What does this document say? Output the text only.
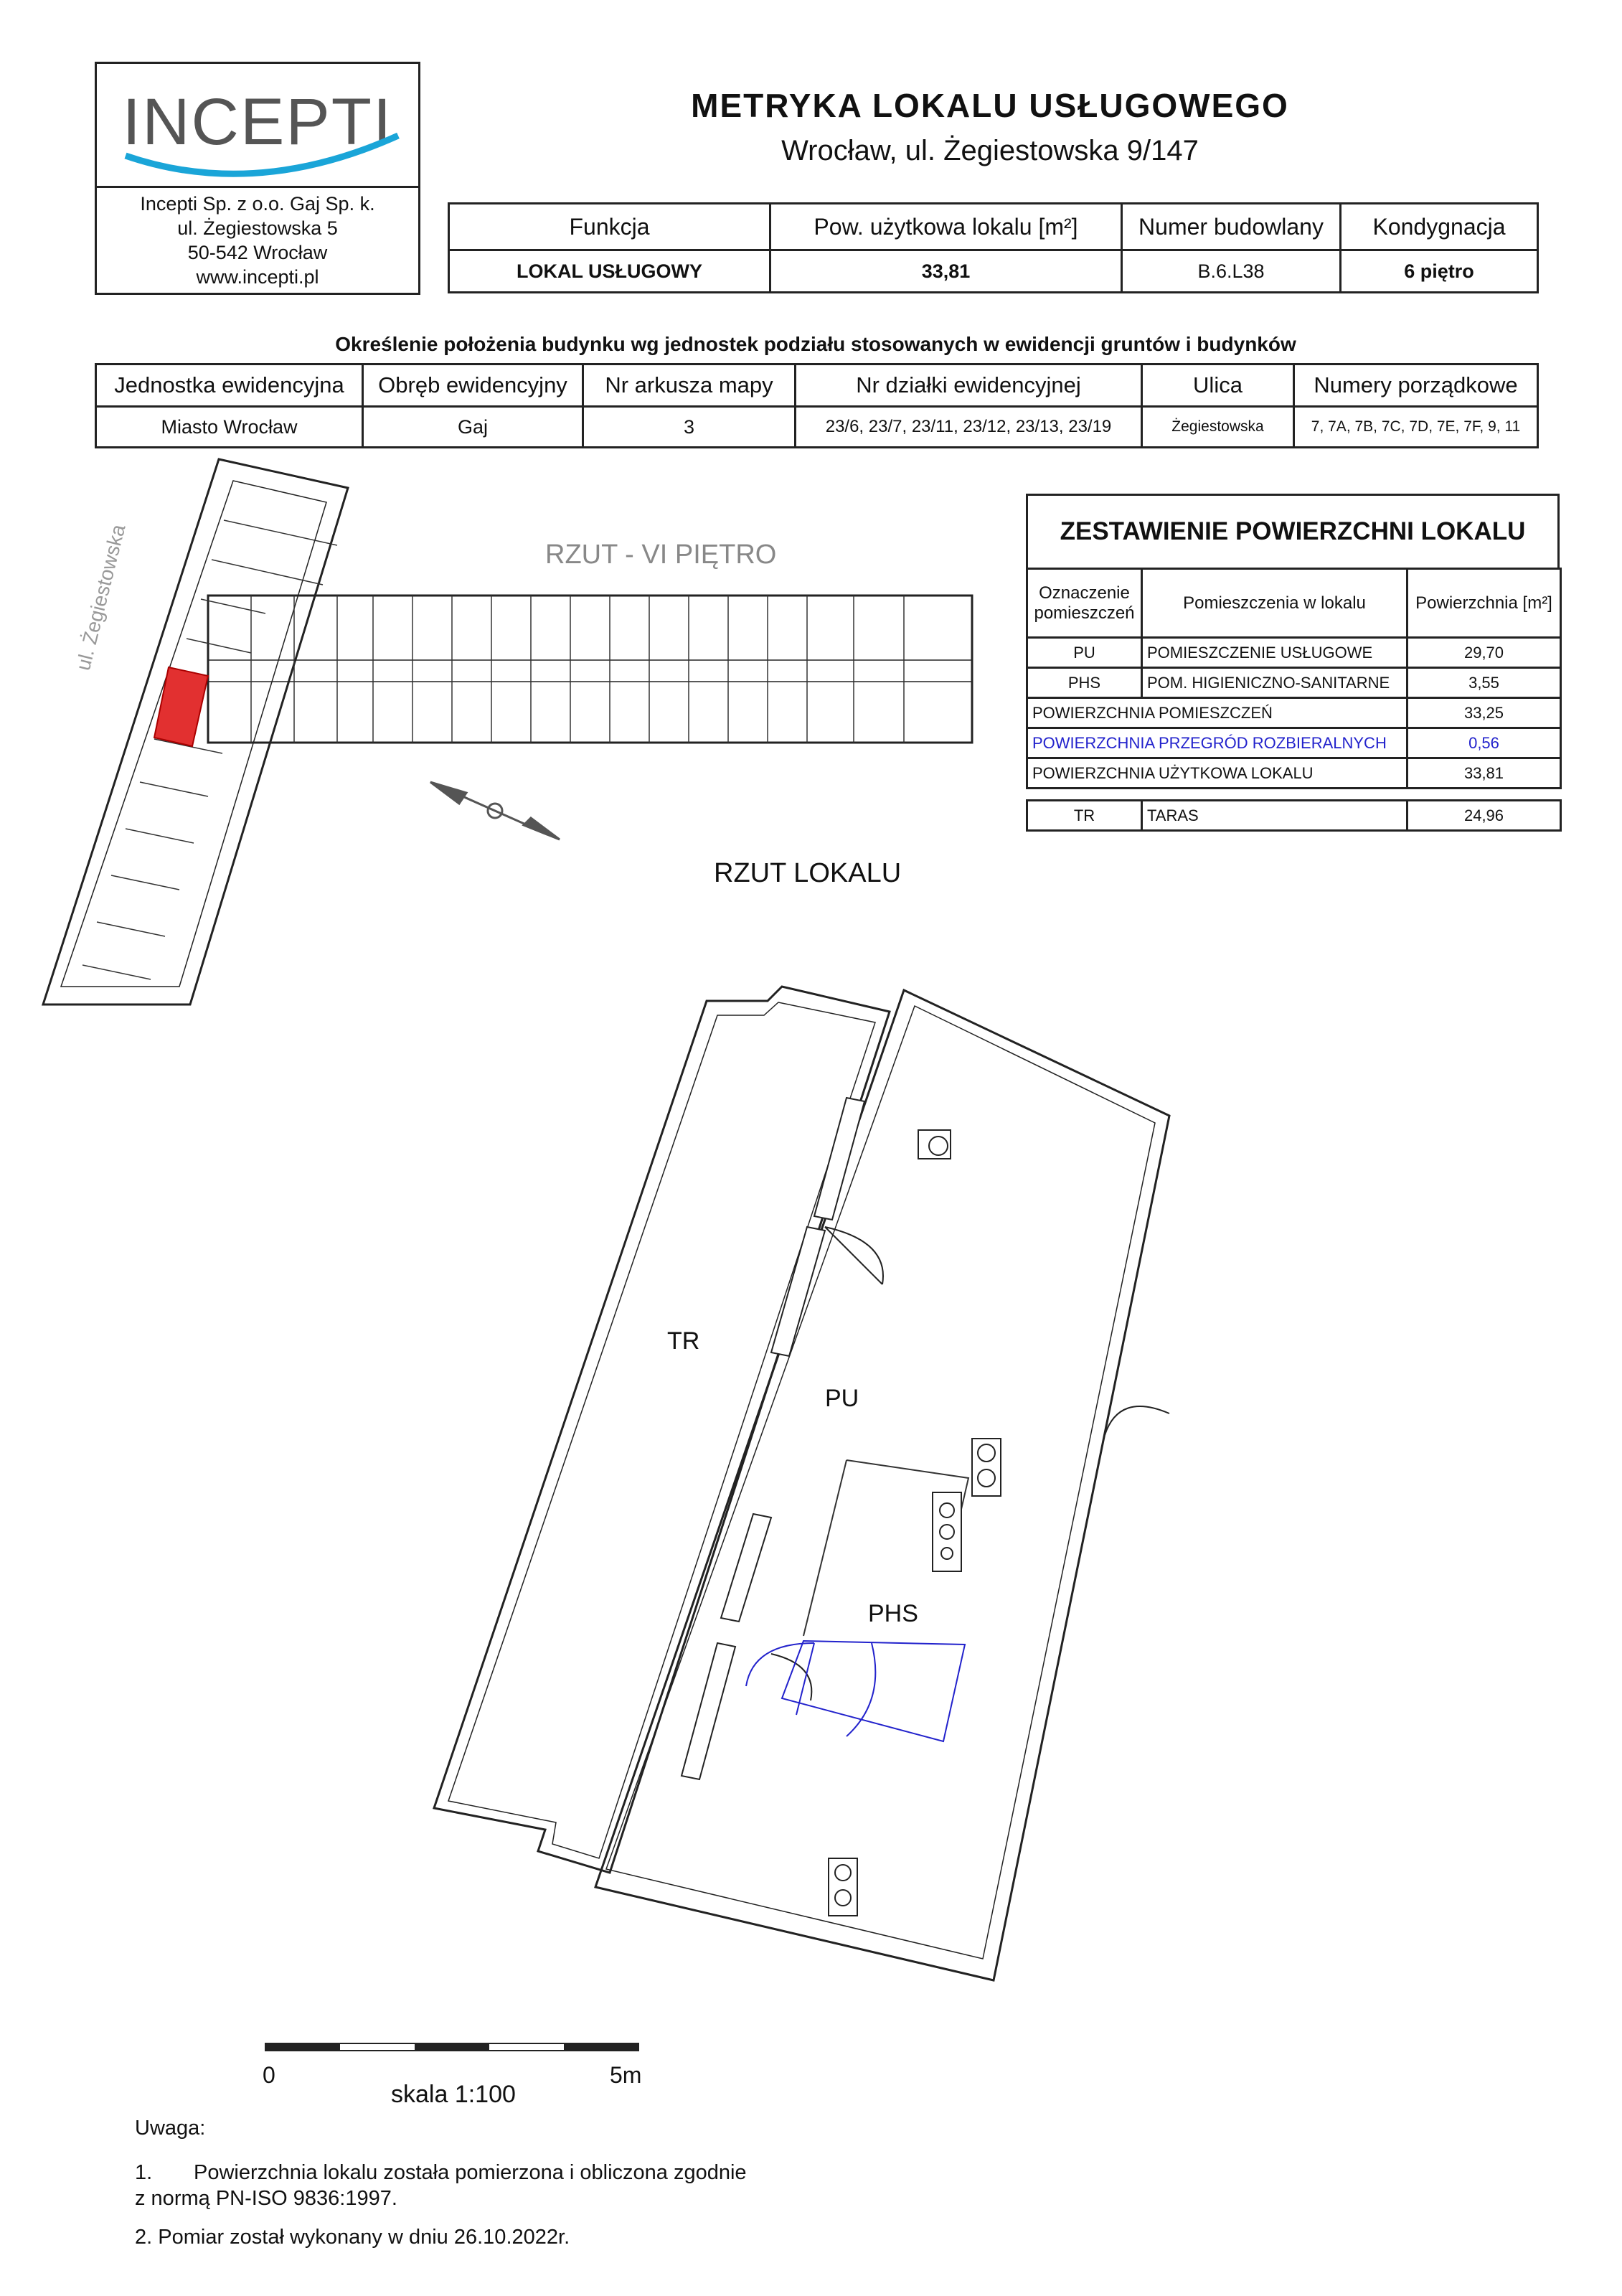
INCEPTI
Incepti Sp. z o.o. Gaj Sp. k.
ul. Żegiestowska 5
50-542 Wrocław
www.incepti.pl
METRYKA LOKALU USŁUGOWEGO
Wrocław, ul. Żegiestowska 9/147
Funkcja	Pow. użytkowa lokalu [m²]	Numer budowlany	Kondygnacja
LOKAL USŁUGOWY	33,81	B.6.L38	6 piętro
Określenie położenia budynku wg jednostek podziału stosowanych w ewidencji gruntów i budynków
Jednostka ewidencyjna	Obręb ewidencyjny	Nr arkusza mapy	Nr działki ewidencyjnej	Ulica	Numery porządkowe
Miasto Wrocław	Gaj	3	23/6, 23/7, 23/11, 23/12, 23/13, 23/19	Żegiestowska	7, 7A, 7B, 7C, 7D, 7E, 7F, 9, 11
RZUT - VI PIĘTRO
ul. Żegiestowska	ZESTAWIENIE POWIERZCHNI LOKALU
Oznaczenie pomieszczeń	Pomieszczenia w lokalu	Powierzchnia [m²]
PU	POMIESZCZENIE USŁUGOWE	29,70
PHS	POM. HIGIENICZNO-SANITARNE	3,55
POWIERZCHNIA POMIESZCZEŃ		33,25
POWIERZCHNIA PRZEGRÓD ROZBIERALNYCH		0,56
POWIERZCHNIA UŻYTKOWA LOKALU		33,81
TR	TARAS	24,96
RZUT LOKALU
TR
PU
PHS
0	5m
skala 1:100
Uwaga:
1. Powierzchnia lokalu została pomierzona i obliczona zgodnie
z normą PN-ISO 9836:1997.
2. Pomiar został wykonany w dniu 26.10.2022r.
